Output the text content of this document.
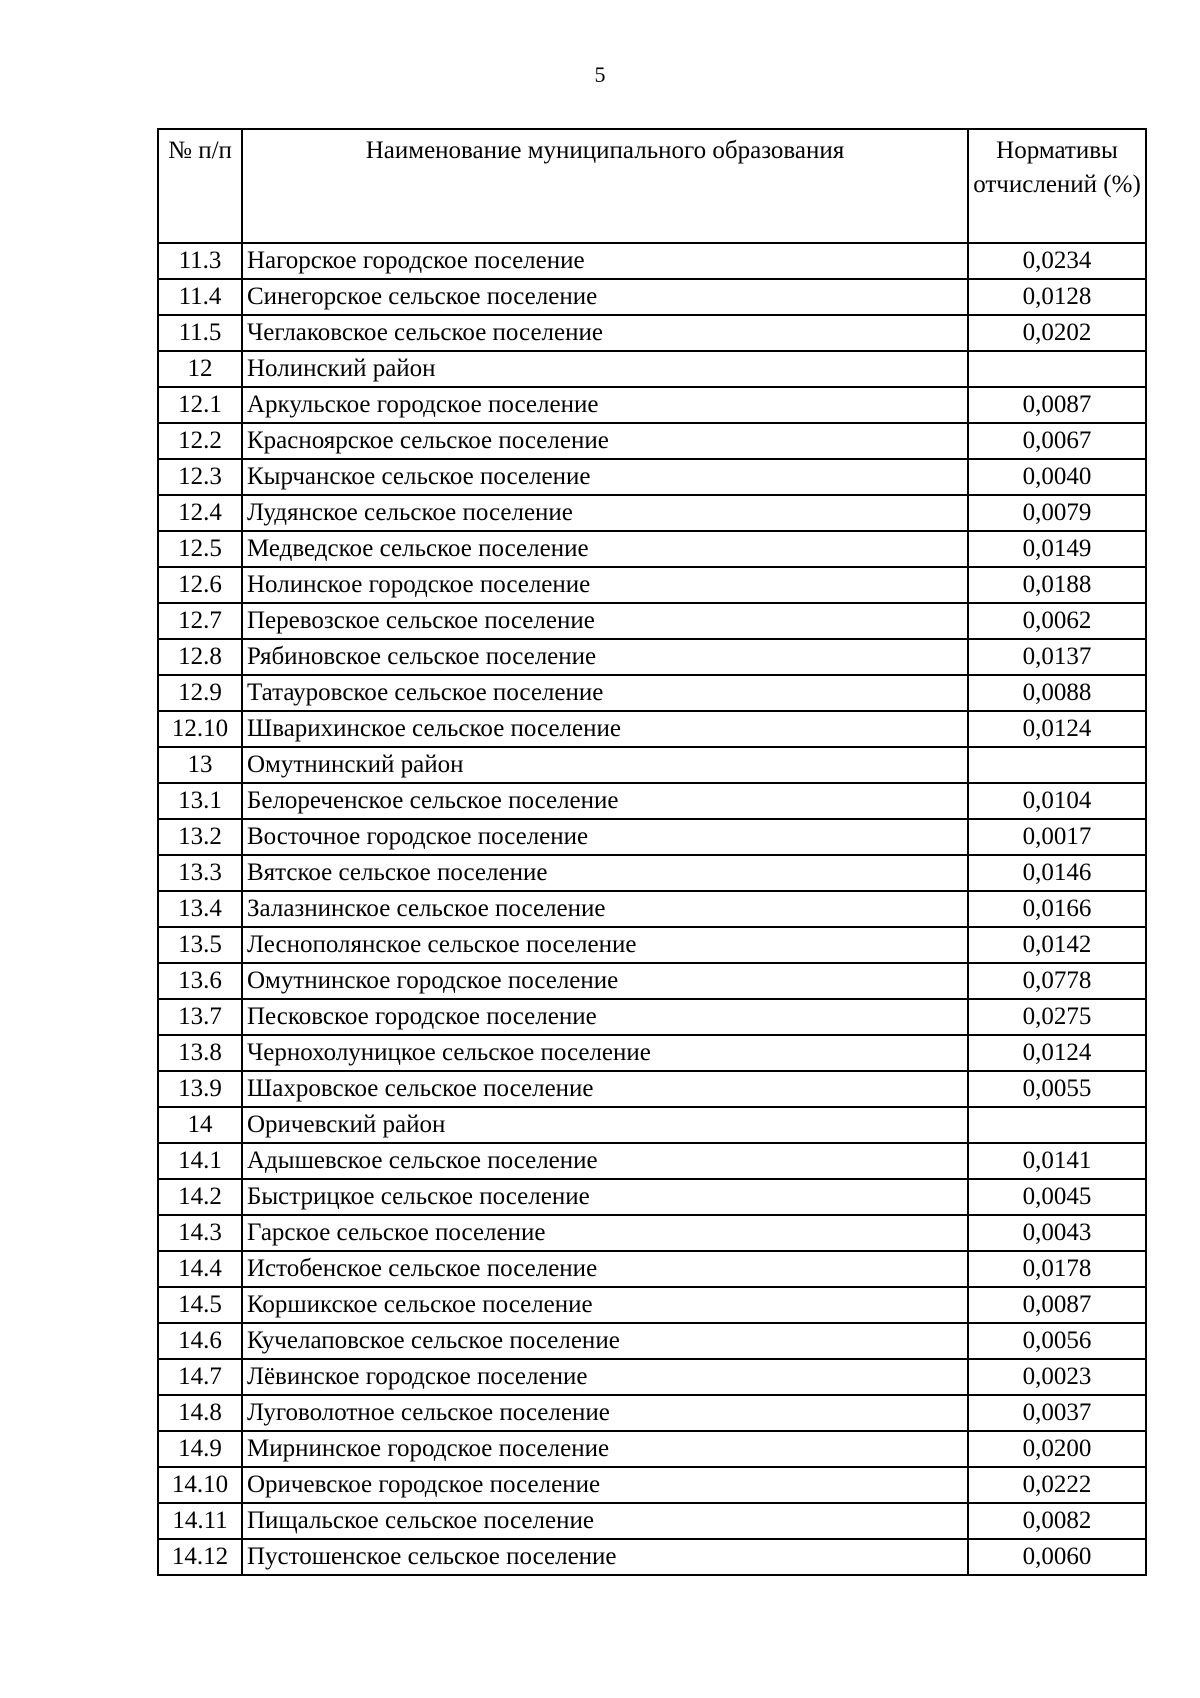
5
№ п/п	Наименование муниципального образования	Нормативы отчислений (%)
11.3	Нагорское городское поселение	0,0234
11.4	Синегорское сельское поселение	0,0128
11.5	Чеглаковское сельское поселение	0,0202
12	Нолинский район	
12.1	Аркульское городское поселение	0,0087
12.2	Красноярское сельское поселение	0,0067
12.3	Кырчанское сельское поселение	0,0040
12.4	Лудянское сельское поселение	0,0079
12.5	Медведское сельское поселение	0,0149
12.6	Нолинское городское поселение	0,0188
12.7	Перевозское сельское поселение	0,0062
12.8	Рябиновское сельское поселение	0,0137
12.9	Татауровское сельское поселение	0,0088
12.10	Шварихинское сельское поселение	0,0124
13	Омутнинский район	
13.1	Белореченское сельское поселение	0,0104
13.2	Восточное городское поселение	0,0017
13.3	Вятское сельское поселение	0,0146
13.4	Залазнинское сельское поселение	0,0166
13.5	Леснополянское сельское поселение	0,0142
13.6	Омутнинское городское поселение	0,0778
13.7	Песковское городское поселение	0,0275
13.8	Чернохолуницкое сельское поселение	0,0124
13.9	Шахровское сельское поселение	0,0055
14	Оричевский район	
14.1	Адышевское сельское поселение	0,0141
14.2	Быстрицкое сельское поселение	0,0045
14.3	Гарское сельское поселение	0,0043
14.4	Истобенское сельское поселение	0,0178
14.5	Коршикское сельское поселение	0,0087
14.6	Кучелаповское сельское поселение	0,0056
14.7	Лёвинское городское поселение	0,0023
14.8	Луговолотное сельское поселение	0,0037
14.9	Мирнинское городское поселение	0,0200
14.10	Оричевское городское поселение	0,0222
14.11	Пищальское сельское поселение	0,0082
14.12	Пустошенское сельское поселение	0,0060
